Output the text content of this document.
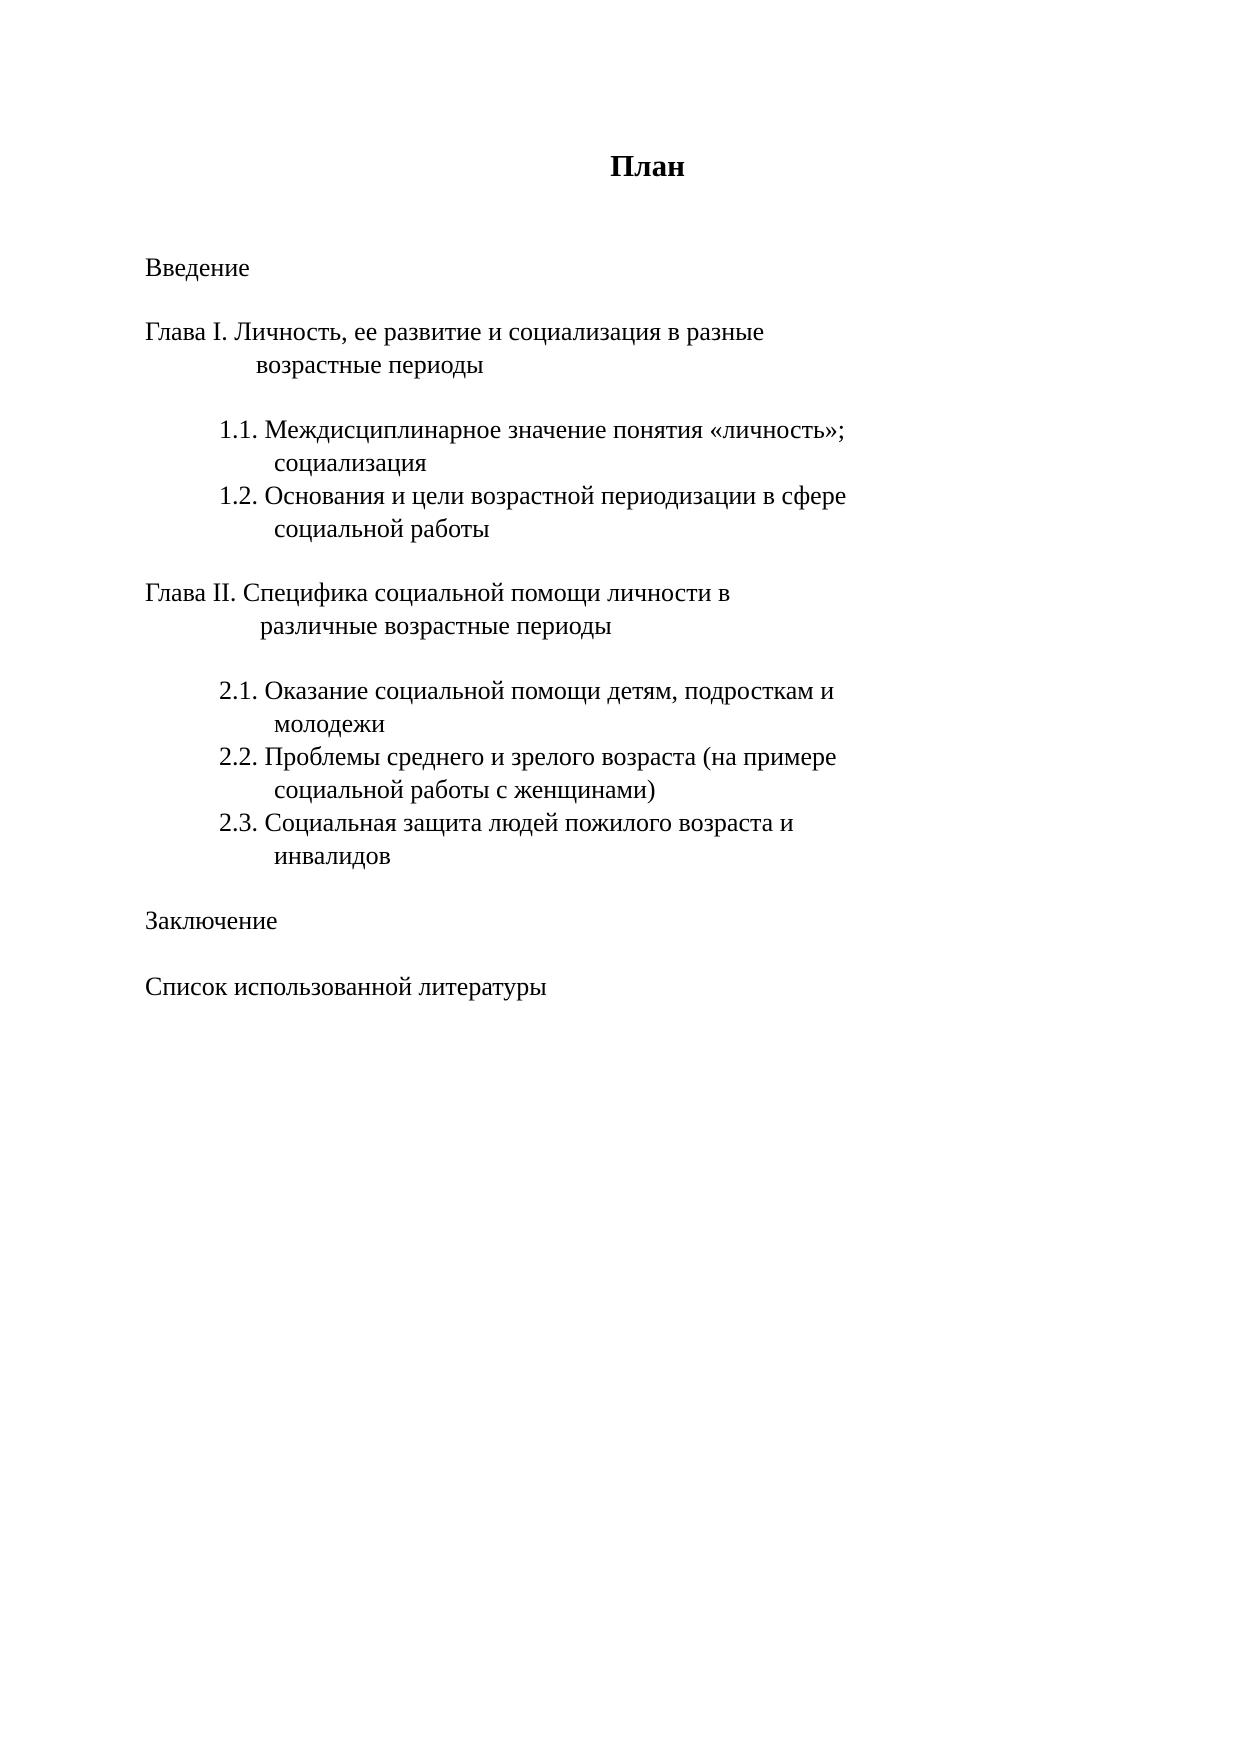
План

Введение

Глава I. Личность, ее развитие и социализация в разные

возрастные периоды

1.1. Междисциплинарное значение понятия «личность»;

социализация

1.2. Основания и цели возрастной периодизации в сфере

социальной работы

Глава II. Специфика социальной помощи личности в

различные возрастные периоды

2.1. Оказание социальной помощи детям, подросткам и

молодежи

2.2. Проблемы среднего и зрелого возраста (на примере

социальной работы с женщинами)

2.3. Социальная защита людей пожилого возраста и

инвалидов

Заключение

Список использованной литературы
